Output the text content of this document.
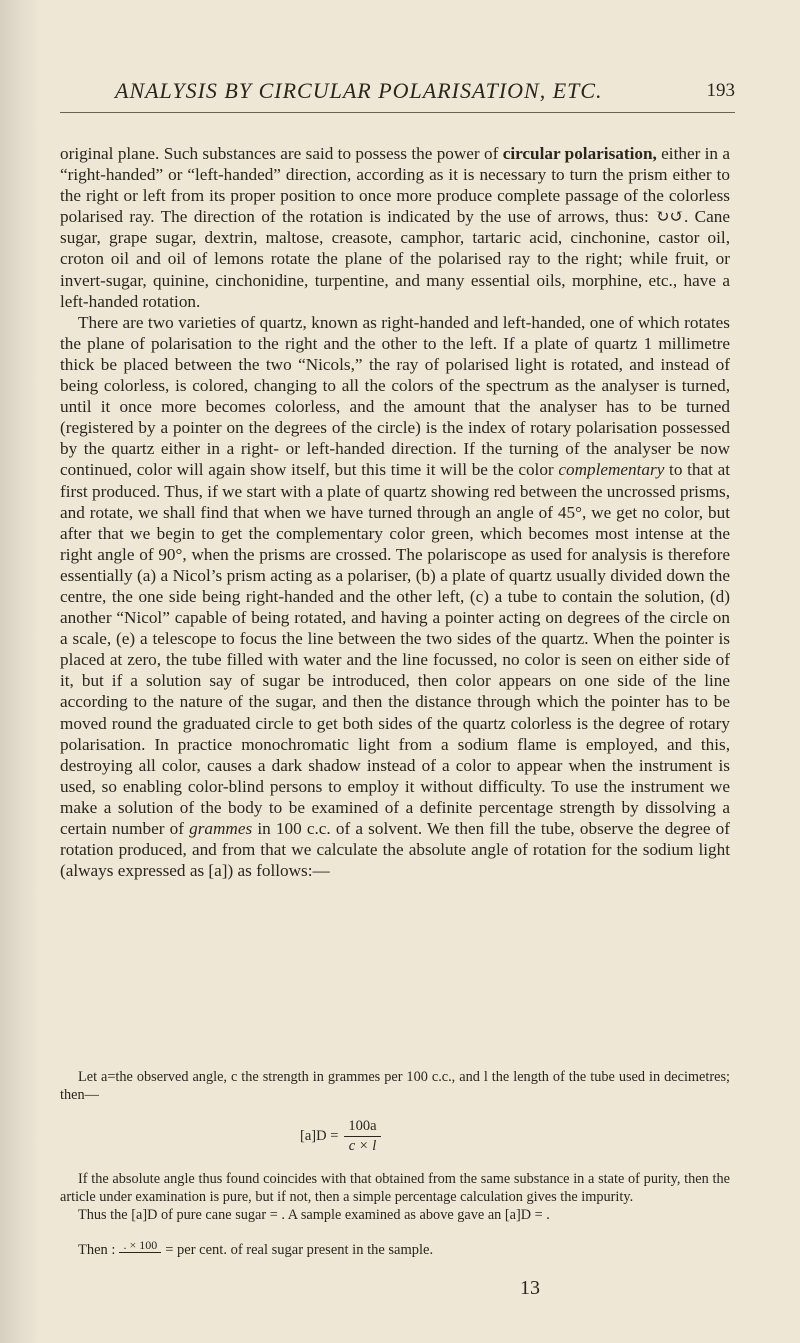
ANALYSIS BY CIRCULAR POLARISATION, ETC.	193

original plane. Such substances are said to possess the power of circular polarisation, either in a “right-handed” or “left-handed” direction, according as it is necessary to turn the prism either to the right or left from its proper position to once more produce complete passage of the colorless polarised ray. The direction of the rotation is indicated by the use of arrows, thus: ↻↺. Cane sugar, grape sugar, dextrin, maltose, creasote, camphor, tartaric acid, cinchonine, castor oil, croton oil and oil of lemons rotate the plane of the polarised ray to the right; while fruit, or invert-sugar, quinine, cinchonidine, turpentine, and many essential oils, morphine, etc., have a left-handed rotation.

There are two varieties of quartz, known as right-handed and left-handed, one of which rotates the plane of polarisation to the right and the other to the left. If a plate of quartz 1 millimetre thick be placed between the two “Nicols,” the ray of polarised light is rotated, and instead of being colorless, is colored, changing to all the colors of the spectrum as the analyser is turned, until it once more becomes colorless, and the amount that the analyser has to be turned (registered by a pointer on the degrees of the circle) is the index of rotary polarisation possessed by the quartz either in a right- or left-handed direction. If the turning of the analyser be now continued, color will again show itself, but this time it will be the color complementary to that at first produced. Thus, if we start with a plate of quartz showing red between the uncrossed prisms, and rotate, we shall find that when we have turned through an angle of 45°, we get no color, but after that we begin to get the complementary color green, which becomes most intense at the right angle of 90°, when the prisms are crossed. The polariscope as used for analysis is therefore essentially (a) a Nicol’s prism acting as a polariser, (b) a plate of quartz usually divided down the centre, the one side being right-handed and the other left, (c) a tube to contain the solution, (d) another “Nicol” capable of being rotated, and having a pointer acting on degrees of the circle on a scale, (e) a telescope to focus the line between the two sides of the quartz. When the pointer is placed at zero, the tube filled with water and the line focussed, no color is seen on either side of it, but if a solution say of sugar be introduced, then color appears on one side of the line according to the nature of the sugar, and then the distance through which the pointer has to be moved round the graduated circle to get both sides of the quartz colorless is the degree of rotary polarisation. In practice monochromatic light from a sodium flame is employed, and this, destroying all color, causes a dark shadow instead of a color to appear when the instrument is used, so enabling color-blind persons to employ it without difficulty. To use the instrument we make a solution of the body to be examined of a definite percentage strength by dissolving a certain number of grammes in 100 c.c. of a solvent. We then fill the tube, observe the degree of rotation produced, and from that we calculate the absolute angle of rotation for the sodium light (always expressed as [a]) as follows:—

Let a=the observed angle, c the strength in grammes per 100 c.c., and l the length of the tube used in decimetres; then—

$[a]D = \frac{100a}{c \times l}$

If the absolute angle thus found coincides with that obtained from the same substance in a state of purity, then the article under examination is pure, but if not, then a simple percentage calculation gives the impurity.

Thus the [a]D of pure cane sugar = . A sample examined as above gave an [a]D = .

Then : . × 100 = per cent. of real sugar present in the sample.
13
